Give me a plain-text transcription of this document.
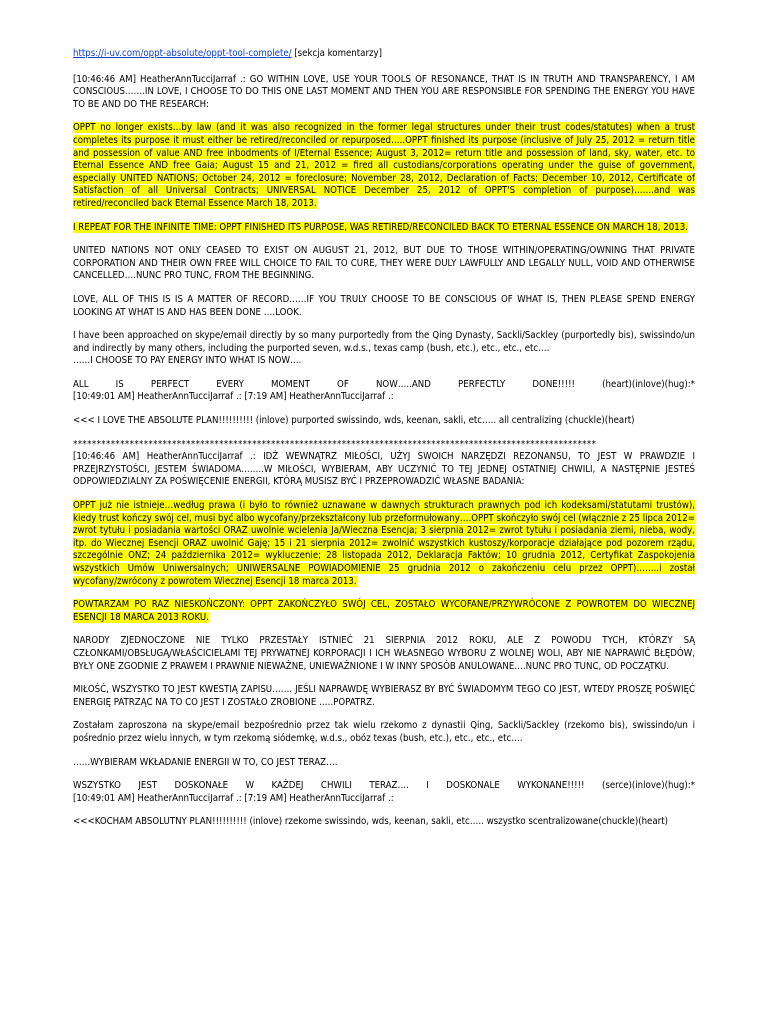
https://i-uv.com/oppt-absolute/oppt-tool-complete/ [sekcja komentarzy]

[10:46:46 AM] HeatherAnnTucciJarraf .: GO WITHIN LOVE, USE YOUR TOOLS OF RESONANCE, THAT IS IN TRUTH AND TRANSPARENCY, I AM CONSCIOUS…….IN LOVE, I CHOOSE TO DO THIS ONE LAST MOMENT AND THEN YOU ARE RESPONSIBLE FOR SPENDING THE ENERGY YOU HAVE TO BE AND DO THE RESEARCH:

OPPT no longer exists…by law (and it was also recognized in the former legal structures under their trust codes/statutes) when a trust completes its purpose it must either be retired/reconciled or repurposed…..OPPT finished its purpose (inclusive of July 25, 2012 = return title and possession of value AND free inbodments of I/Eternal Essence; August 3, 2012= return title and possession of land, sky, water, etc. to Eternal Essence AND free Gaia; August 15 and 21, 2012 = fired all custodians/corporations operating under the guise of government, especially UNITED NATIONS; October 24, 2012 = foreclosure; November 28, 2012, Declaration of Facts; December 10, 2012, Certificate of Satisfaction of all Universal Contracts; UNIVERSAL NOTICE December 25, 2012 of OPPT'S completion of purpose)…….and was retired/reconciled back Eternal Essence March 18, 2013.

I REPEAT FOR THE INFINITE TIME: OPPT FINISHED ITS PURPOSE, WAS RETIRED/RECONCILED BACK TO ETERNAL ESSENCE ON MARCH 18, 2013.

UNITED NATIONS NOT ONLY CEASED TO EXIST ON AUGUST 21, 2012, BUT DUE TO THOSE WITHIN/OPERATING/OWNING THAT PRIVATE CORPORATION AND THEIR OWN FREE WILL CHOICE TO FAIL TO CURE, THEY WERE DULY LAWFULLY AND LEGALLY NULL, VOID AND OTHERWISE CANCELLED….NUNC PRO TUNC, FROM THE BEGINNING.

LOVE, ALL OF THIS IS IS A MATTER OF RECORD……IF YOU TRULY CHOOSE TO BE CONSCIOUS OF WHAT IS, THEN PLEASE SPEND ENERGY LOOKING AT WHAT IS AND HAS BEEN DONE ….LOOK.

I have been approached on skype/email directly by so many purportedly from the Qing Dynasty, Sackli/Sackley (purportedly bis), swissindo/un and indirectly by many others, including the purported seven, w.d.s., texas camp (bush, etc.), etc., etc., etc.…

……I CHOOSE TO PAY ENERGY INTO WHAT IS NOW….

ALL IS PERFECT EVERY MOMENT OF NOW…..AND PERFECTLY DONE!!!!! (heart)(inlove)(hug):*

[10:49:01 AM] HeatherAnnTucciJarraf .: [7:19 AM] HeatherAnnTucciJarraf .:

<<< I LOVE THE ABSOLUTE PLAN!!!!!!!!!! (inlove) purported swissindo, wds, keenan, sakli, etc….. all centralizing (chuckle)(heart)

***************************************************************************************************************

[10:46:46 AM] HeatherAnnTucciJarraf .: IDŹ WEWNĄTRZ MIŁOŚCI, UŻYJ SWOICH NARZĘDZI REZONANSU, TO JEST W PRAWDZIE I PRZEJRZYSTOŚCI, JESTEM ŚWIADOMA……..W MIŁOŚCI, WYBIERAM, ABY UCZYNIĆ TO TEJ JEDNEJ OSTATNIEJ CHWILI, A NASTĘPNIE JESTEŚ ODPOWIEDZIALNY ZA POŚWIĘCENIE ENERGII, KTÓRĄ MUSISZ BYĆ I PRZEPROWADZIĆ WŁASNE BADANIA:

OPPT już nie istnieje…według prawa (i było to również uznawane w dawnych strukturach prawnych pod ich kodeksami/statutami trustów), kiedy trust kończy swój cel, musi być albo wycofany/przekształcony lub przeformułowany….OPPT skończyło swój cel (włącznie z 25 lipca 2012= zwrot tytułu i posiadania wartości ORAZ uwolnie wcielenia Ja/Wieczna Esencja; 3 sierpnia 2012= zwrot tytułu i posiadania ziemi, nieba, wody, itp. do Wiecznej Esencji ORAZ uwolnić Gaję; 15 i 21 sierpnia 2012= zwolnić wszystkich kustoszy/korporacje działające pod pozorem rządu, szczególnie ONZ; 24 października 2012= wykluczenie; 28 listopada 2012, Deklaracja Faktów; 10 grudnia 2012, Certyfikat Zaspokojenia wszystkich Umów Uniwersalnych; UNIWERSALNE POWIADOMIENIE 25 grudnia 2012 o zakończeniu celu przez OPPT)……..i został wycofany/zwrócony z powrotem Wiecznej Esencji 18 marca 2013.

POWTARZAM PO RAZ NIESKOŃCZONY: OPPT ZAKOŃCZYŁO SWÓJ CEL, ZOSTAŁO WYCOFANE/PRZYWRÓCONE Z POWROTEM DO WIECZNEJ ESENCJI 18 MARCA 2013 ROKU.

NARODY ZJEDNOCZONE NIE TYLKO PRZESTAŁY ISTNIEĆ 21 SIERPNIA 2012 ROKU, ALE Z POWODU TYCH, KTÓRZY SĄ CZŁONKAMI/OBSŁUGĄ/WŁAŚCICIELAMI TEJ PRYWATNEJ KORPORACJI I ICH WŁASNEGO WYBORU Z WOLNEJ WOLI, ABY NIE NAPRAWIĆ BŁĘDÓW, BYŁY ONE ZGODNIE Z PRAWEM I PRAWNIE NIEWAŻNE, UNIEWAŻNIONE I W INNY SPOSÓB ANULOWANE….NUNC PRO TUNC, OD POCZĄTKU.

MIŁOŚĆ, WSZYSTKO TO JEST KWESTIĄ ZAPISU……. JEŚLI NAPRAWDĘ WYBIERASZ BY BYĆ ŚWIADOMYM TEGO CO JEST, WTEDY PROSZĘ POŚWIĘĆ ENERGIĘ PATRZĄC NA TO CO JEST I ZOSTAŁO ZROBIONE …..POPATRZ.

Zostałam zaproszona na skype/email bezpośrednio przez tak wielu rzekomo z dynastii Qing, Sackli/Sackley (rzekomo bis), swissindo/un i pośrednio przez wielu innych, w tym rzekomą siódemkę, w.d.s., obóz texas (bush, etc.), etc., etc., etc….

……WYBIERAM WKŁADANIE ENERGII W TO, CO JEST TERAZ….

WSZYSTKO JEST DOSKONAŁE W KAŻDEJ CHWILI TERAZ…. I DOSKONALE WYKONANE!!!!! (serce)(inlove)(hug):*

[10:49:01 AM] HeatherAnnTucciJarraf .: [7:19 AM] HeatherAnnTucciJarraf .:

<<<KOCHAM ABSOLUTNY PLAN!!!!!!!!!! (inlove) rzekome swissindo, wds, keenan, sakli, etc….. wszystko scentralizowane(chuckle)(heart)
